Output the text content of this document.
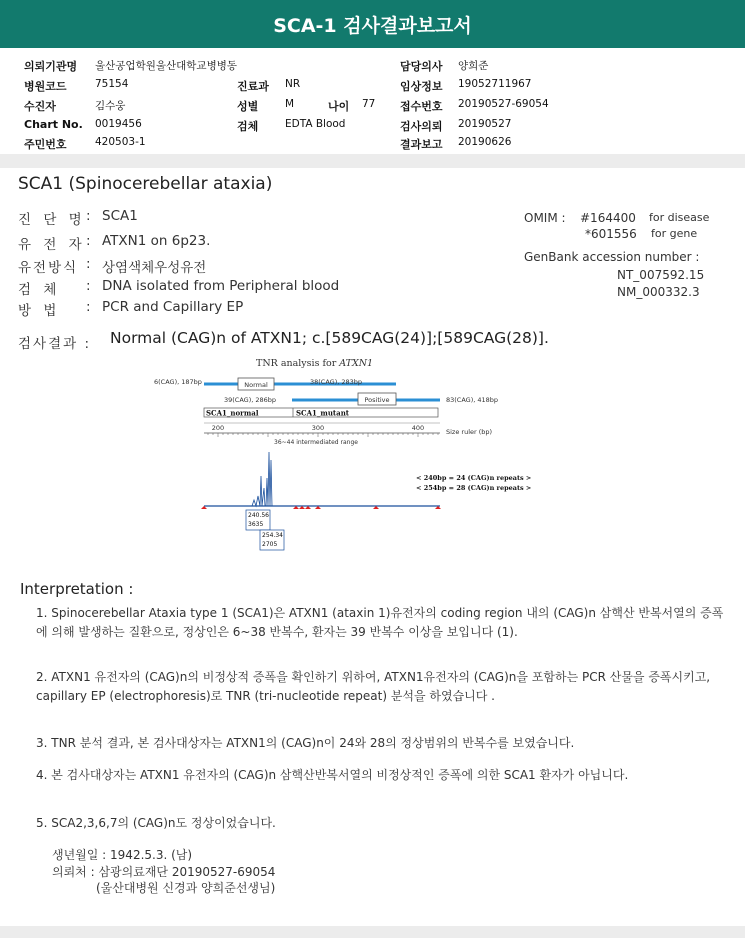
SCA-1 검사결과보고서
의뢰기관명 울산공업학원울산대학교병병동	담당의사 양희준
병원코드	75154	진료과 NR	임상정보 19052711967
수진자	김수웅	성별	M	나이 77 접수번호 20190527-69054
Chart No. 0019456	검체	EDTA Blood	검사의뢰 20190527
주민번호	420503-1	결과보고 20190626
SCA1 (Spinocerebellar ataxia)
진 단 명 : SCA1
유 전 자 : ATXN1 on 6p23.
유전방식 : 상염색체우성유전
검 체 : DNA isolated from Peripheral blood
방 법 : PCR and Capillary EP
OMIM : #164400 for disease
*601556 for gene
GenBank accession number :
NT_007592.15
NM_000332.3
검사결과 : Normal (CAG)n of ATXN1; c.[589CAG(24)];[589CAG(28)].
TNR analysis for ATXN1
6(CAG), 187bp	Normal	38(CAG), 283bp
39(CAG), 286bp	Positive	83(CAG), 418bp
SCA1_normal	SCA1_mutant
200	300	400	Size ruler (bp)
36~44 intermediated range
< 240bp = 24 (CAG)n repeats >
< 254bp = 28 (CAG)n repeats >
240.56
3635
254.34
2705
Interpretation :
1. Spinocerebellar Ataxia type 1 (SCA1)은 ATXN1 (ataxin 1)유전자의 coding region 내의 (CAG)n 삼핵산 반복서열의 증폭에 의해 발생하는 질환으로, 정상인은 6~38 반복수, 환자는 39 반복수 이상을 보입니다 (1).
2. ATXN1 유전자의 (CAG)n의 비정상적 증폭을 확인하기 위하여, ATXN1유전자의 (CAG)n을 포함하는 PCR 산물을 증폭시키고, capillary EP (electrophoresis)로 TNR (tri-nucleotide repeat) 분석을 하였습니다 .
3. TNR 분석 결과, 본 검사대상자는 ATXN1의 (CAG)n이 24와 28의 정상범위의 반복수를 보였습니다.
4. 본 검사대상자는 ATXN1 유전자의 (CAG)n 삼핵산반복서열의 비정상적인 증폭에 의한 SCA1 환자가 아닙니다.
5. SCA2,3,6,7의 (CAG)n도 정상이었습니다.
생년월일 : 1942.5.3. (남)
의뢰처 : 삼광의료재단 20190527-69054
(울산대병원 신경과 양희준선생님)
